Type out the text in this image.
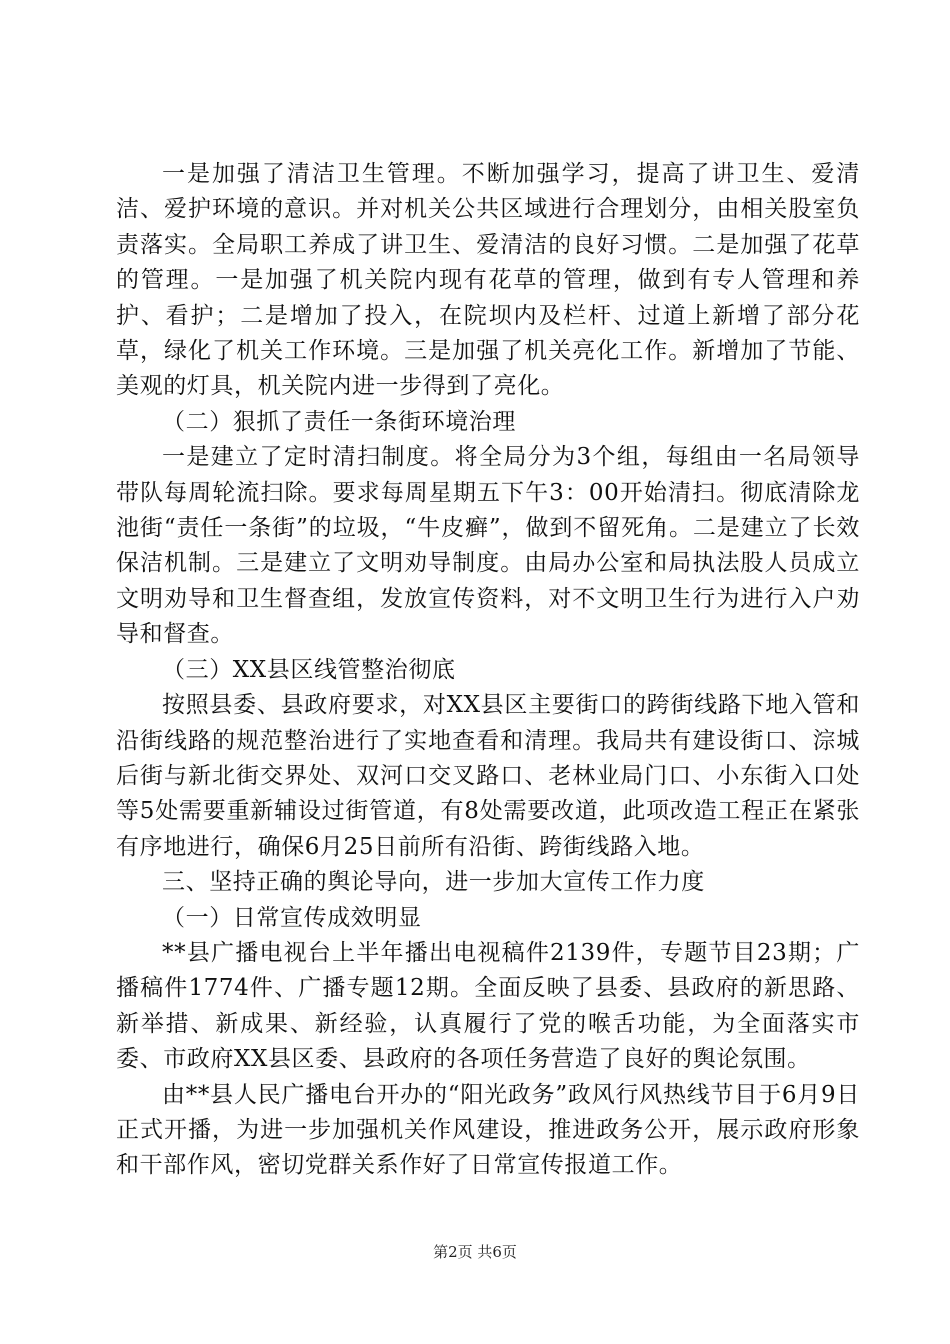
一是加强了清洁卫生管理。不断加强学习，提高了讲卫生、爱清洁、爱护环境的意识。并对机关公共区域进行合理划分，由相关股室负责落实。全局职工养成了讲卫生、爱清洁的良好习惯。二是加强了花草的管理。一是加强了机关院内现有花草的管理，做到有专人管理和养护、看护；二是增加了投入，在院坝内及栏杆、过道上新增了部分花草，绿化了机关工作环境。三是加强了机关亮化工作。新增加了节能、美观的灯具，机关院内进一步得到了亮化。

（二）狠抓了责任一条街环境治理

一是建立了定时清扫制度。将全局分为3个组，每组由一名局领导带队每周轮流扫除。要求每周星期五下午3：00开始清扫。彻底清除龙池街“责任一条街”的垃圾，“牛皮癣”，做到不留死角。二是建立了长效保洁机制。三是建立了文明劝导制度。由局办公室和局执法股人员成立文明劝导和卫生督查组，发放宣传资料，对不文明卫生行为进行入户劝导和督查。

（三）XX县区线管整治彻底

按照县委、县政府要求，对XX县区主要街口的跨街线路下地入管和沿街线路的规范整治进行了实地查看和清理。我局共有建设街口、淙城后街与新北街交界处、双河口交叉路口、老林业局门口、小东街入口处等5处需要重新辅设过街管道，有8处需要改道，此项改造工程正在紧张有序地进行，确保6月25日前所有沿街、跨街线路入地。

三、坚持正确的舆论导向，进一步加大宣传工作力度

（一）日常宣传成效明显

**县广播电视台上半年播出电视稿件2139件，专题节目23期；广播稿件1774件、广播专题12期。全面反映了县委、县政府的新思路、新举措、新成果、新经验，认真履行了党的喉舌功能，为全面落实市委、市政府XX县区委、县政府的各项任务营造了良好的舆论氛围。

由**县人民广播电台开办的“阳光政务”政风行风热线节目于6月9日正式开播，为进一步加强机关作风建设，推进政务公开，展示政府形象和干部作风，密切党群关系作好了日常宣传报道工作。

第2页 共6页
